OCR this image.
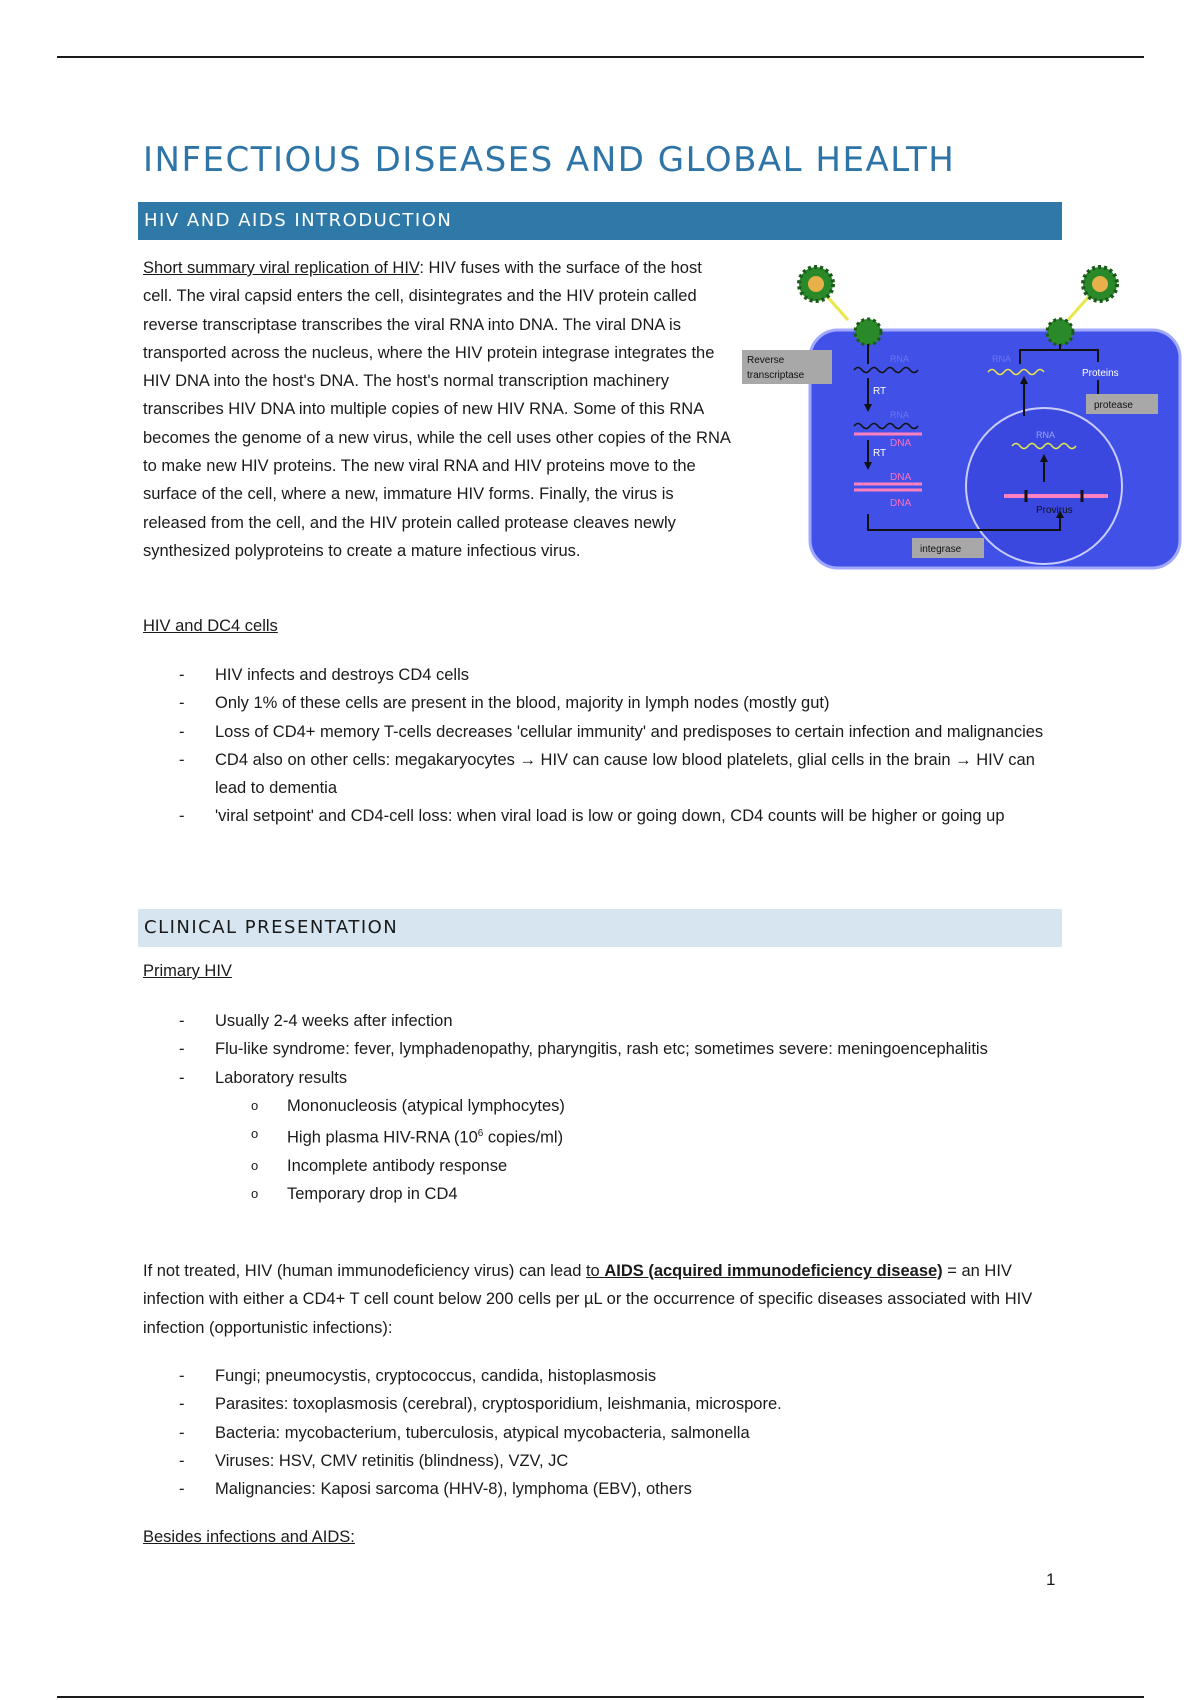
INFECTIOUS DISEASES AND GLOBAL HEALTH
HIV AND AIDS INTRODUCTION

Short summary viral replication of HIV: HIV fuses with the surface of the host cell. The viral capsid enters the cell, disintegrates and the HIV protein called reverse transcriptase transcribes the viral RNA into DNA. The viral DNA is transported across the nucleus, where the HIV protein integrase integrates the HIV DNA into the host's DNA. The host's normal transcription machinery transcribes HIV DNA into multiple copies of new HIV RNA. Some of this RNA becomes the genome of a new virus, while the cell uses other copies of the RNA to make new HIV proteins. The new viral RNA and HIV proteins move to the surface of the cell, where a new, immature HIV forms. Finally, the virus is released from the cell, and the HIV protein called protease cleaves newly synthesized polyproteins to create a mature infectious virus.

RNA
RT
RNA
DNA
RT
DNA
DNA
Provirus
RNA
RNA
Proteins
Reverse
transcriptase
protease
integrase
HIV and DC4 cells
- HIV infects and destroys CD4 cells
- Only 1% of these cells are present in the blood, majority in lymph nodes (mostly gut)
- Loss of CD4+ memory T-cells decreases 'cellular immunity' and predisposes to certain infection and malignancies
- CD4 also on other cells: megakaryocytes → HIV can cause low blood platelets, glial cells in the brain → HIV can lead to dementia
- 'viral setpoint' and CD4-cell loss: when viral load is low or going down, CD4 counts will be higher or going up
CLINICAL PRESENTATION
Primary HIV
- Usually 2-4 weeks after infection
- Flu-like syndrome: fever, lymphadenopathy, pharyngitis, rash etc; sometimes severe: meningoencephalitis
- Laboratory results
o Mononucleosis (atypical lymphocytes)
o High plasma HIV-RNA ($10^6$ copies/ml)
o Incomplete antibody response
o Temporary drop in CD4

If not treated, HIV (human immunodeficiency virus) can lead to AIDS (acquired immunodeficiency disease) = an HIV infection with either a CD4+ T cell count below 200 cells per µL or the occurrence of specific diseases associated with HIV infection (opportunistic infections):

- Fungi; pneumocystis, cryptococcus, candida, histoplasmosis
- Parasites: toxoplasmosis (cerebral), cryptosporidium, leishmania, microspore.
- Bacteria: mycobacterium, tuberculosis, atypical mycobacteria, salmonella
- Viruses: HSV, CMV retinitis (blindness), VZV, JC
- Malignancies: Kaposi sarcoma (HHV-8), lymphoma (EBV), others
Besides infections and AIDS:
1
